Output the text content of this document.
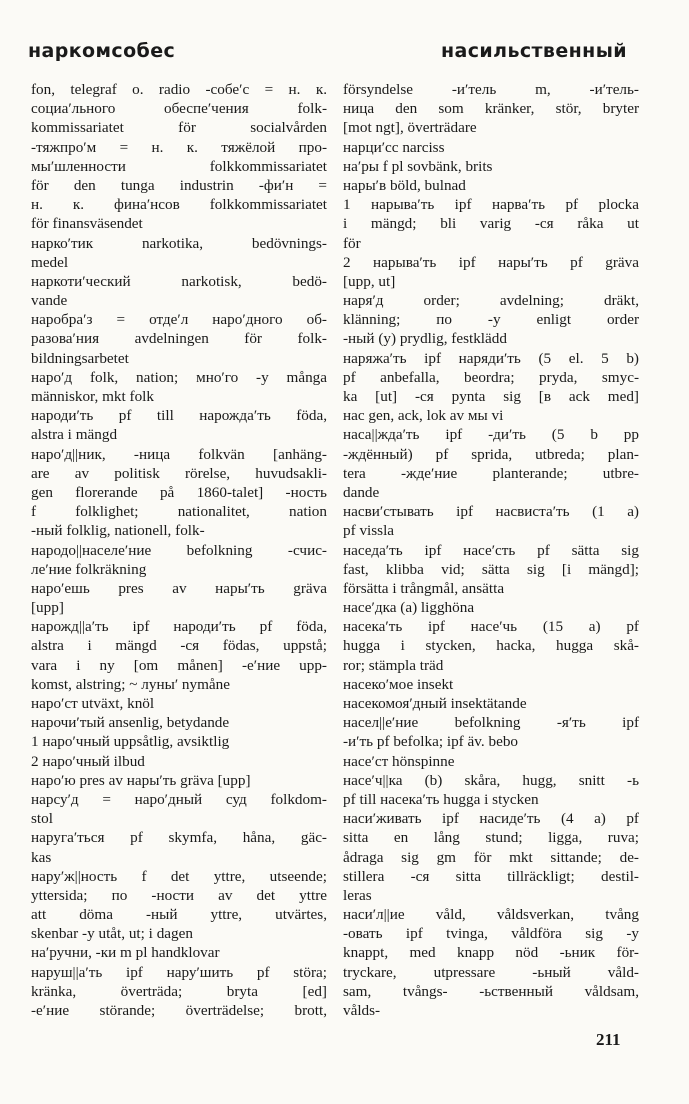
наркомсобес	насильственный
fon, telegraf o. radio -собе′с = н. к.
социа′льного обеспе′чения folk-
kommissariatet för socialvården
-тяжпро′м = н. к. тяжёлой про-
мы′шленности folkkommissariatet
för den tunga industrin -фи′н =
н. к. фина′нсов folkkommissariatet
för finansväsendet
нарко′тик narkotika, bedövnings-
medel
наркоти′ческий narkotisk, bedö-
vande
наробра′з = отде′л наро′дного об-
разова′ния avdelningen för folk-
bildningsarbetet
наро′д folk, nation; мно′го -у många
människor, mkt folk
народи′ть pf till нарожда′ть föda,
alstra i mängd
наро′д||ник, -ница folkvän [anhäng-
are av politisk rörelse, huvudsakli-
gen florerande på 1860-talet] -ность
f folklighet; nationalitet, nation
-ный folklig, nationell, folk-
народо||населе′ние befolkning -счис-
ле′ние folkräkning
наро′ешь pres av нары′ть gräva
[upp]
нарожд||а′ть ipf народи′ть pf föda,
alstra i mängd -ся födas, uppstå;
vara i ny [om månen] -е′ние upp-
komst, alstring; ~ луны′ nymåne
наро′ст utväxt, knöl
нарочи′тый ansenlig, betydande
1 наро′чный uppsåtlig, avsiktlig
2 наро′чный ilbud
наро′ю pres av нары′ть gräva [upp]
нарсу′д = наро′дный суд folkdom-
stol
наруга′ться pf skymfa, håna, gäc-
kas
нару′ж||ность f det yttre, utseende;
yttersida; по -ности av det yttre
att döma -ный yttre, utvärtes,
skenbar -у utåt, ut; i dagen
на′ручни, -ки m pl handklovar
наруш||а′ть ipf нару′шить pf störa;
kränka, överträda; bryta [ed]
-е′ние störande; överträdelse; brott,
försyndelse -и′тель m, -и′тель-
ница den som kränker, stör, bryter
[mot ngt], överträdare
нарци′сс narciss
на′ры f pl sovbänk, brits
нары′в böld, bulnad
1 нарыва′ть ipf нарва′ть pf plocka
i mängd; bli varig -ся råka ut
för
2 нарыва′ть ipf нары′ть pf gräva
[upp, ut]
наря′д order; avdelning; dräkt,
klänning; по -у enligt order
-ный (у) prydlig, festklädd
наряжа′ть ipf наряди′ть (5 el. 5 b)
pf anbefalla, beordra; pryda, smyc-
ka [ut] -ся pynta sig [в ack med]
нас gen, ack, lok av мы vi
наса||жда′ть ipf -ди′ть (5 b pp
-ждённый) pf sprida, utbreda; plan-
tera -жде′ние planterande; utbre-
dande
насви′стывать ipf насвиста′ть (1 a)
pf vissla
наседа′ть ipf насе′сть pf sätta sig
fast, klibba vid; sätta sig [i mängd];
försätta i trångmål, ansätta
насе′дка (a) ligghöna
насека′ть ipf насе′чь (15 a) pf
hugga i stycken, hacka, hugga skå-
ror; stämpla träd
насеко′мое insekt
насекомоя′дный insektätande
насел||е′ние befolkning -я′ть ipf
-и′ть pf befolka; ipf äv. bebo
насе′ст hönspinne
насе′ч||ка (b) skåra, hugg, snitt -ь
pf till насека′ть hugga i stycken
наси′живать ipf насиде′ть (4 a) pf
sitta en lång stund; ligga, ruva;
ådraga sig gm för mkt sittande; de-
stillera -ся sitta tillräckligt; destil-
leras
наси′л||ие våld, våldsverkan, tvång
-овать ipf tvinga, våldföra sig -у
knappt, med knapp nöd -ьник för-
tryckare, utpressare -ьный våld-
sam, tvångs- -ьственный våldsam,
vålds-
211
